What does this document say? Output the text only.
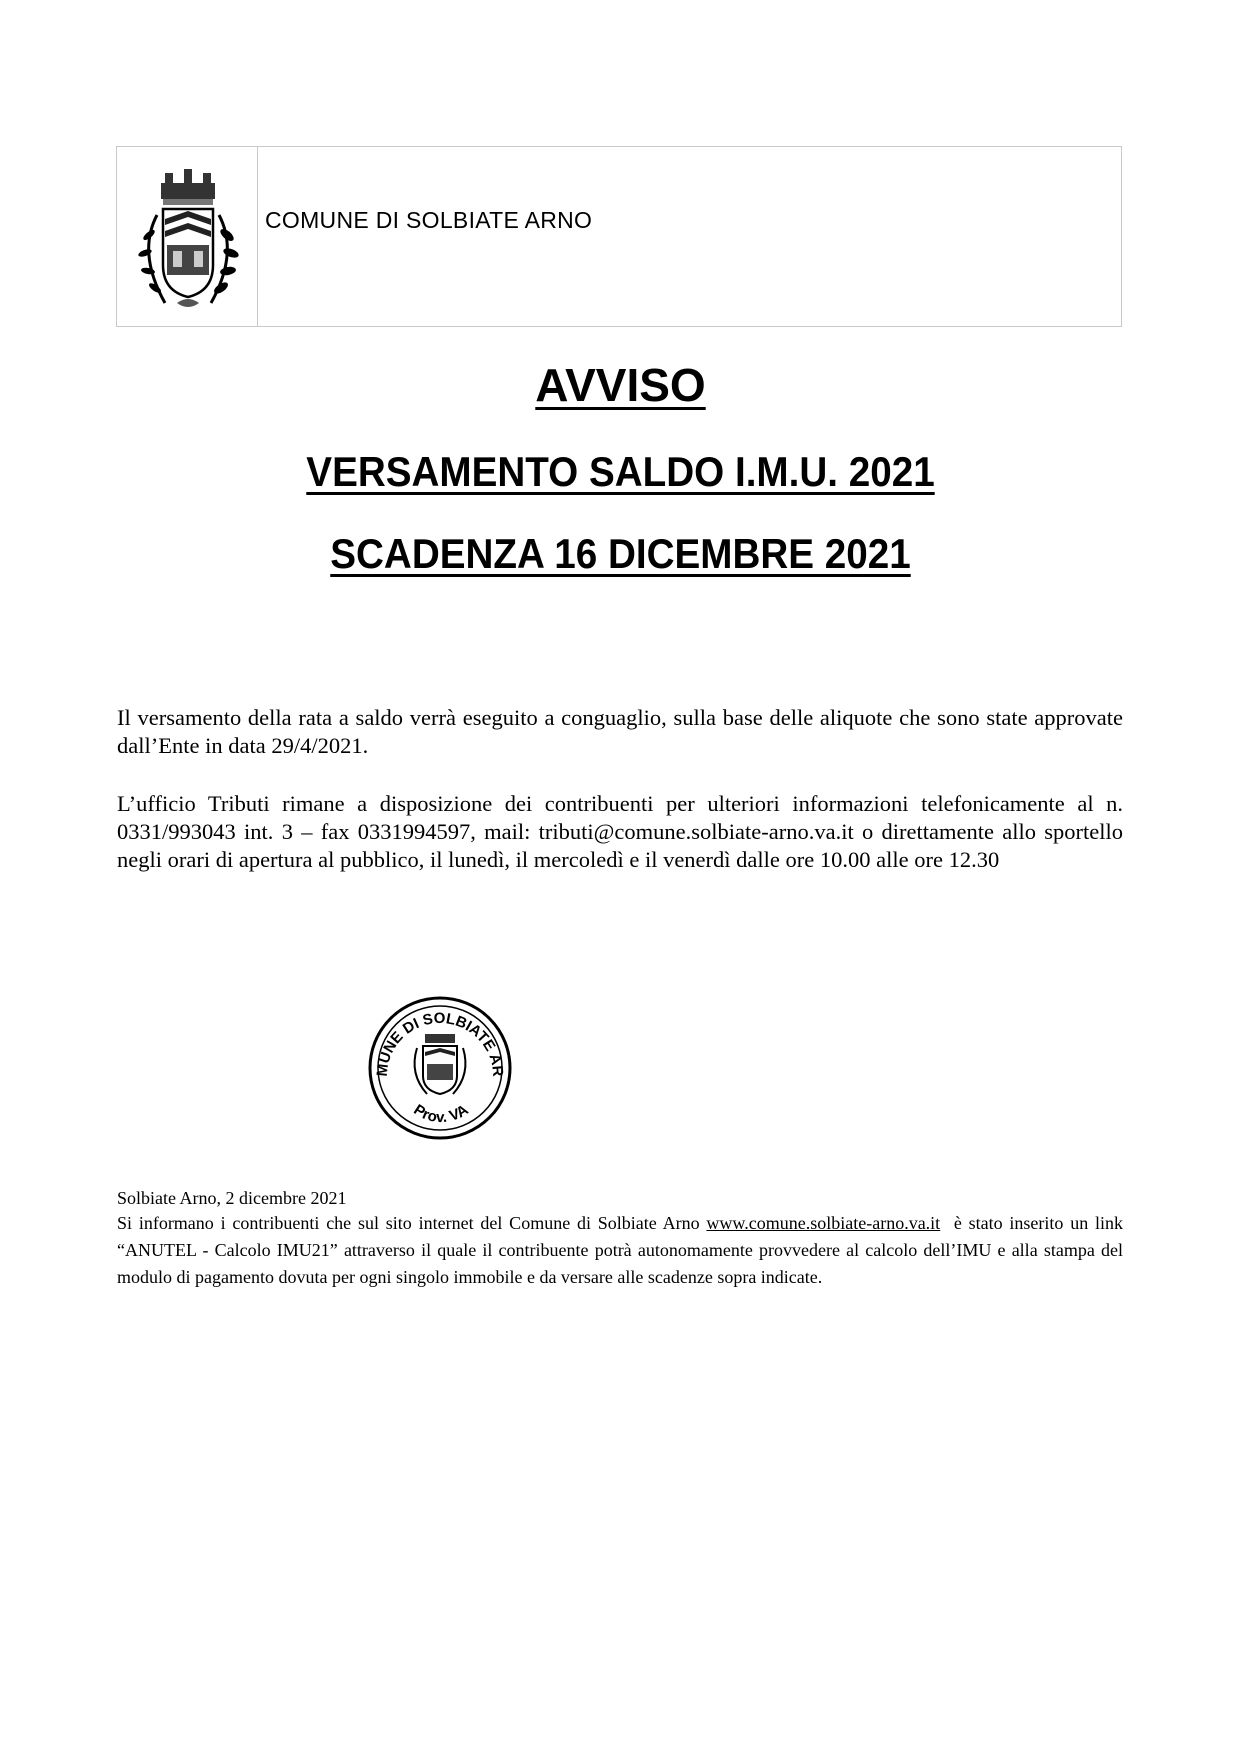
COMUNE DI SOLBIATE ARNO
AVVISO
VERSAMENTO SALDO I.M.U. 2021
SCADENZA 16 DICEMBRE 2021
Il versamento della rata a saldo verrà eseguito a conguaglio, sulla base delle aliquote che sono state approvate dall’Ente in data 29/4/2021.
L’ufficio Tributi rimane a disposizione dei contribuenti per ulteriori informazioni telefonicamente al n. 0331/993043 int. 3 – fax 0331994597, mail: tributi@comune.solbiate-arno.va.it o direttamente allo sportello negli orari di apertura al pubblico, il lunedì, il mercoledì e il venerdì dalle ore 10.00 alle ore 12.30
MUNE DI SOLBIATE AR
Prov. VA
Solbiate Arno, 2 dicembre 2021
Si informano i contribuenti che sul sito internet del Comune di Solbiate Arno www.comune.solbiate-arno.va.it è stato inserito un link “ANUTEL - Calcolo IMU21” attraverso il quale il contribuente potrà autonomamente provvedere al calcolo dell’IMU e alla stampa del modulo di pagamento dovuta per ogni singolo immobile e da versare alle scadenze sopra indicate.
